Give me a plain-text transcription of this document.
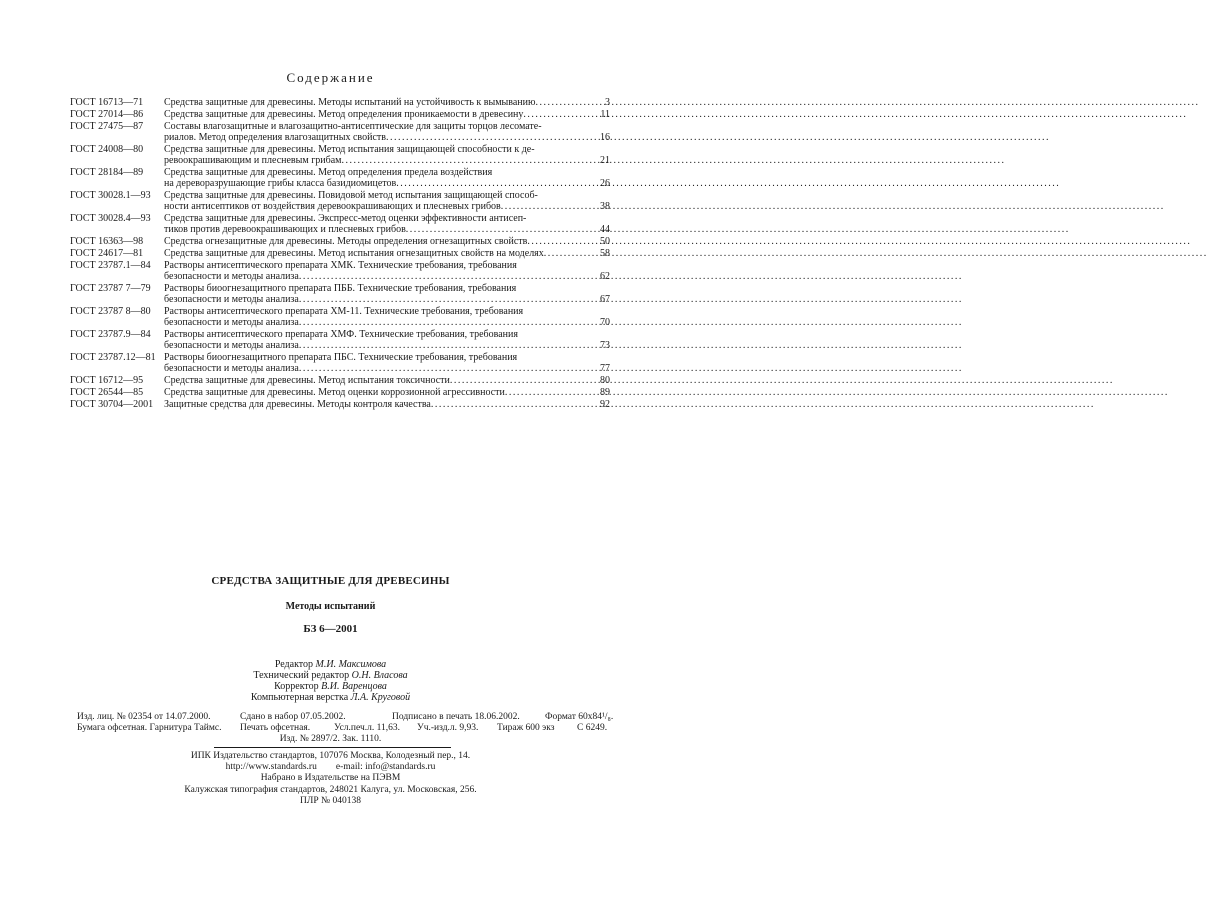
Содержание
ГОСТ 16713—71	Средства защитные для древесины. Методы испытаний на устойчивость к вымыванию .....	3
ГОСТ 27014—86	Средства защитные для древесины. Метод определения проникаемости в древесину .....	11
ГОСТ 27475—87	Составы влагозащитные и влагозащитно-антисептические для защиты торцов лесомате-
риалов. Метод определения влагозащитных свойств .....	16
ГОСТ 24008—80	Средства защитные для древесины. Метод испытания защищающей способности к де-
ревоокрашивающим и плесневым грибам .....	21
ГОСТ 28184—89	Средства защитные для древесины. Метод определения предела воздействия
на дереворазрушающие грибы класса базидиомицетов .....	26
ГОСТ 30028.1—93	Средства защитные для древесины. Повидовой метод испытания защищающей способ-
ности антисептиков от воздействия деревоокрашивающих и плесневых грибов .....	38
ГОСТ 30028.4—93	Средства защитные для древесины. Экспресс-метод оценки эффективности антисеп-
тиков против деревоокрашивающих и плесневых грибов .....	44
ГОСТ 16363—98	Средства огнезащитные для древесины. Методы определения огнезащитных свойств .....	50
ГОСТ 24617—81	Средства защитные для древесины. Метод испытания огнезащитных свойств на моделях .....	58
ГОСТ 23787.1—84	Растворы антисептического препарата ХМК. Технические требования, требования
безопасности и методы анализа .....	62
ГОСТ 23787 7—79	Растворы биоогнезащитного препарата ПББ. Технические требования, требования
безопасности и методы анализа .....	67
ГОСТ 23787 8—80	Растворы антисептического препарата ХМ-11. Технические требования, требования
безопасности и методы анализа .....	70
ГОСТ 23787.9—84	Растворы антисептического препарата ХМФ. Технические требования, требования
безопасности и методы анализа .....	73
ГОСТ 23787.12—81 Растворы биоогнезащитного препарата ПБС. Технические требования, требования
безопасности и методы анализа .....	77
ГОСТ 16712—95	Средства защитные для древесины. Метод испытания токсичности .....	80
ГОСТ 26544—85	Средства защитные для древесины. Метод оценки коррозионной агрессивности .....	89
ГОСТ 30704—2001	Защитные средства для древесины. Методы контроля качества .....	92
СРЕДСТВА ЗАЩИТНЫЕ ДЛЯ ДРЕВЕСИНЫ
Методы испытаний
БЗ 6—2001
Редактор М.И. Максимова
Технический редактор О.Н. Власова
Корректор В.И. Варенцова
Компьютерная верстка Л.А. Круговой
Изд. лиц. № 02354 от 14.07.2000.	Сдано в набор 07.05.2002.	Подписано в печать 18.06.2002.	Формат 60х84¹/₈.
Бумага офсетная. Гарнитура Таймс. Печать офсетная.	Усл.печ.л. 11,63. Уч.-изд.л. 9,93. Тираж 600 экз С 6249.
Изд. № 2897/2. Зак. 1110.
ИПК Издательство стандартов, 107076 Москва, Колодезный пер., 14.
http://www.standards.ru e-mail: info@standards.ru
Набрано в Издательстве на ПЭВМ
Калужская типография стандартов, 248021 Калуга, ул. Московская, 256.
ПЛР № 040138
